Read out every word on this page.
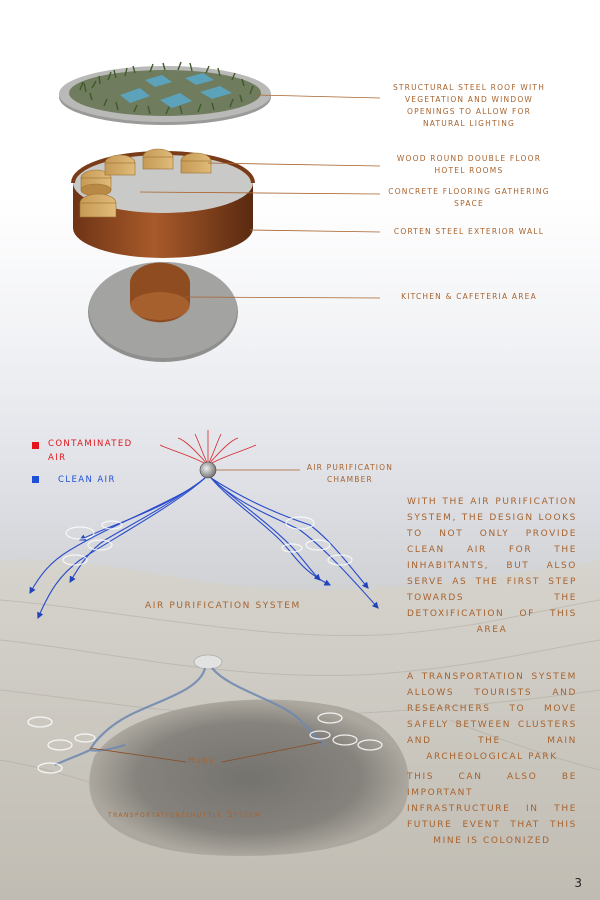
STRUCTURAL STEEL ROOF WITH VEGETATION AND WINDOW OPENINGS TO ALLOW FOR NATURAL LIGHTING
WOOD ROUND DOUBLE FLOOR HOTEL ROOMS
CONCRETE FLOORING GATHERING SPACE
CORTEN STEEL EXTERIOR WALL
KITCHEN & CAFETERIA AREA
CONTAMINATED AIR
CLEAN AIR
AIR PURIFICATION CHAMBER
AIR PURIFICATION SYSTEM
WITH THE AIR PURIFICATION SYSTEM, THE DESIGN LOOKS TO NOT ONLY PROVIDE CLEAN AIR FOR THE INHABITANTS, BUT ALSO SERVE AS THE FIRST STEP TOWARDS THE DETOXIFICATION OF THIS AREA
Hubs
transportation/shuttle System
A TRANSPORTATION SYSTEM ALLOWS TOURISTS AND RESEARCHERS TO MOVE SAFELY BETWEEN CLUSTERS AND THE MAIN ARCHEOLOGICAL PARK
THIS CAN ALSO BE IMPORTANT INFRASTRUCTURE IN THE FUTURE EVENT THAT THIS MINE IS COLONIZED
3
